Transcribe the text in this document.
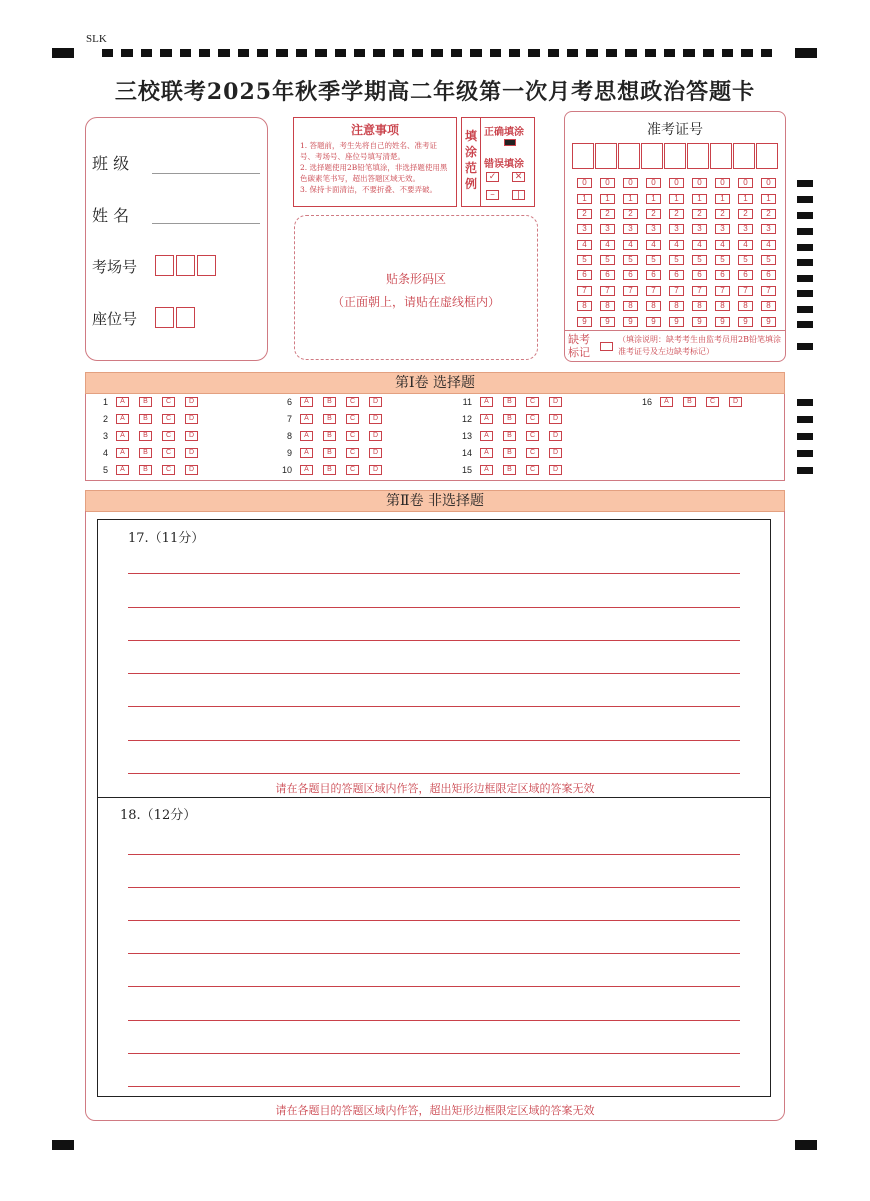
SLK
三校联考2025年秋季学期高二年级第一次月考思想政治答题卡
班 级
姓 名
考场号
座位号
注意事项

1. 答题前，考生先将自己的姓名、准考证号、考场号、座位号填写清楚。

2. 选择题使用2B铅笔填涂，非选择题使用黑色碳素笔书写，超出答题区域无效。

3. 保持卡面清洁，不要折叠、不要弄破。

填涂范例
正确填涂
错误填涂
✓	✕
–	|
贴条形码区
（正面朝上，请贴在虚线框内）
准考证号
0	0	0	0	0	0	0	0	0
1	1	1	1	1	1	1	1	1
2	2	2	2	2	2	2	2	2
3	3	3	3	3	3	3	3	3
4	4	4	4	4	4	4	4	4
5	5	5	5	5	5	5	5	5
6	6	6	6	6	6	6	6	6
7	7	7	7	7	7	7	7	7
8	8	8	8	8	8	8	8	8
9	9	9	9	9	9	9	9	9
缺考标记
（填涂说明：缺考考生由监考员用2B铅笔填涂准考证号及左边缺考标记）
第Ⅰ卷 选择题
1	A	B	C	D
2	A	B	C	D
3	A	B	C	D
4	A	B	C	D
5	A	B	C	D
6	A	B	C	D
7	A	B	C	D
8	A	B	C	D
9	A	B	C	D
10	A	B	C	D
11	A	B	C	D
12	A	B	C	D
13	A	B	C	D
14	A	B	C	D
15	A	B	C	D
16	A	B	C	D
第Ⅱ卷 非选择题
17.（11分）
请在各题目的答题区域内作答，超出矩形边框限定区域的答案无效
18.（12分）
请在各题目的答题区域内作答，超出矩形边框限定区域的答案无效
